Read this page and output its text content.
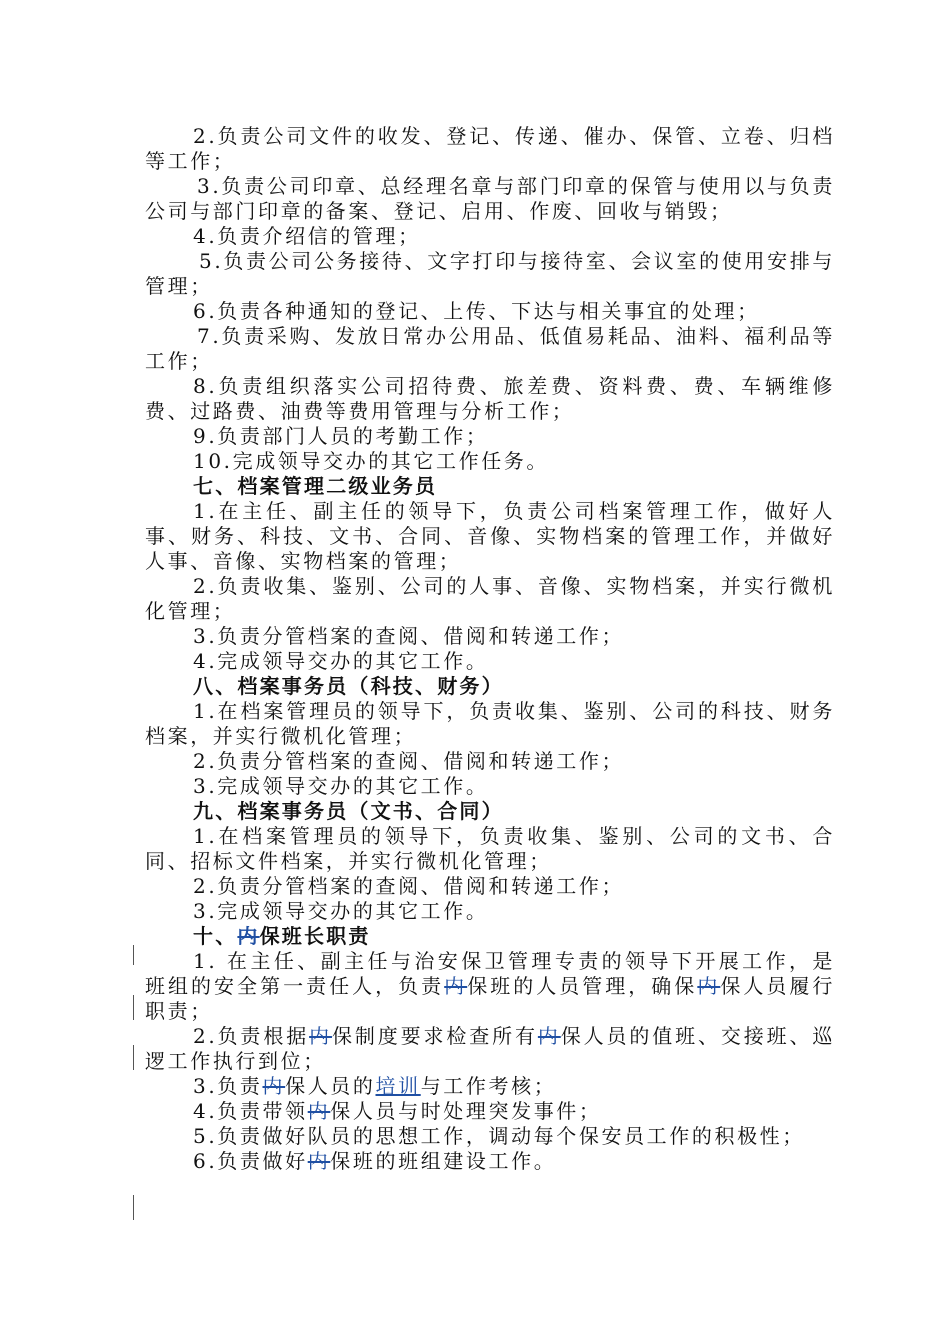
2.负责公司文件的收发、登记、传递、催办、保管、立卷、归档等工作；
3.负责公司印章、总经理名章与部门印章的保管与使用以与负责公司与部门印章的备案、登记、启用、作废、回收与销毁；
4.负责介绍信的管理；
5.负责公司公务接待、文字打印与接待室、会议室的使用安排与管理；
6.负责各种通知的登记、上传、下达与相关事宜的处理；
7.负责采购、发放日常办公用品、低值易耗品、油料、福利品等工作；
8.负责组织落实公司招待费、旅差费、资料费、费、车辆维修费、过路费、油费等费用管理与分析工作；
9.负责部门人员的考勤工作；
10.完成领导交办的其它工作任务。
七、档案管理二级业务员
1.在主任、副主任的领导下，负责公司档案管理工作，做好人事、财务、科技、文书、合同、音像、实物档案的管理工作，并做好人事、音像、实物档案的管理；
2.负责收集、鉴别、公司的人事、音像、实物档案，并实行微机化管理；
3.负责分管档案的查阅、借阅和转递工作；
4.完成领导交办的其它工作。
八、档案事务员（科技、财务）
1.在档案管理员的领导下，负责收集、鉴别、公司的科技、财务档案，并实行微机化管理；
2.负责分管档案的查阅、借阅和转递工作；
3.完成领导交办的其它工作。
九、档案事务员（文书、合同）
1.在档案管理员的领导下，负责收集、鉴别、公司的文书、合同、招标文件档案，并实行微机化管理；
2.负责分管档案的查阅、借阅和转递工作；
3.完成领导交办的其它工作。
十、内保班长职责
1. 在主任、副主任与治安保卫管理专责的领导下开展工作，是班组的安全第一责任人，负责内保班的人员管理，确保内保人员履行职责；
2.负责根据内保制度要求检查所有内保人员的值班、交接班、巡逻工作执行到位；
3.负责内保人员的培训与工作考核；
4.负责带领内保人员与时处理突发事件；
5.负责做好队员的思想工作，调动每个保安员工作的积极性；
6.负责做好内保班的班组建设工作。
